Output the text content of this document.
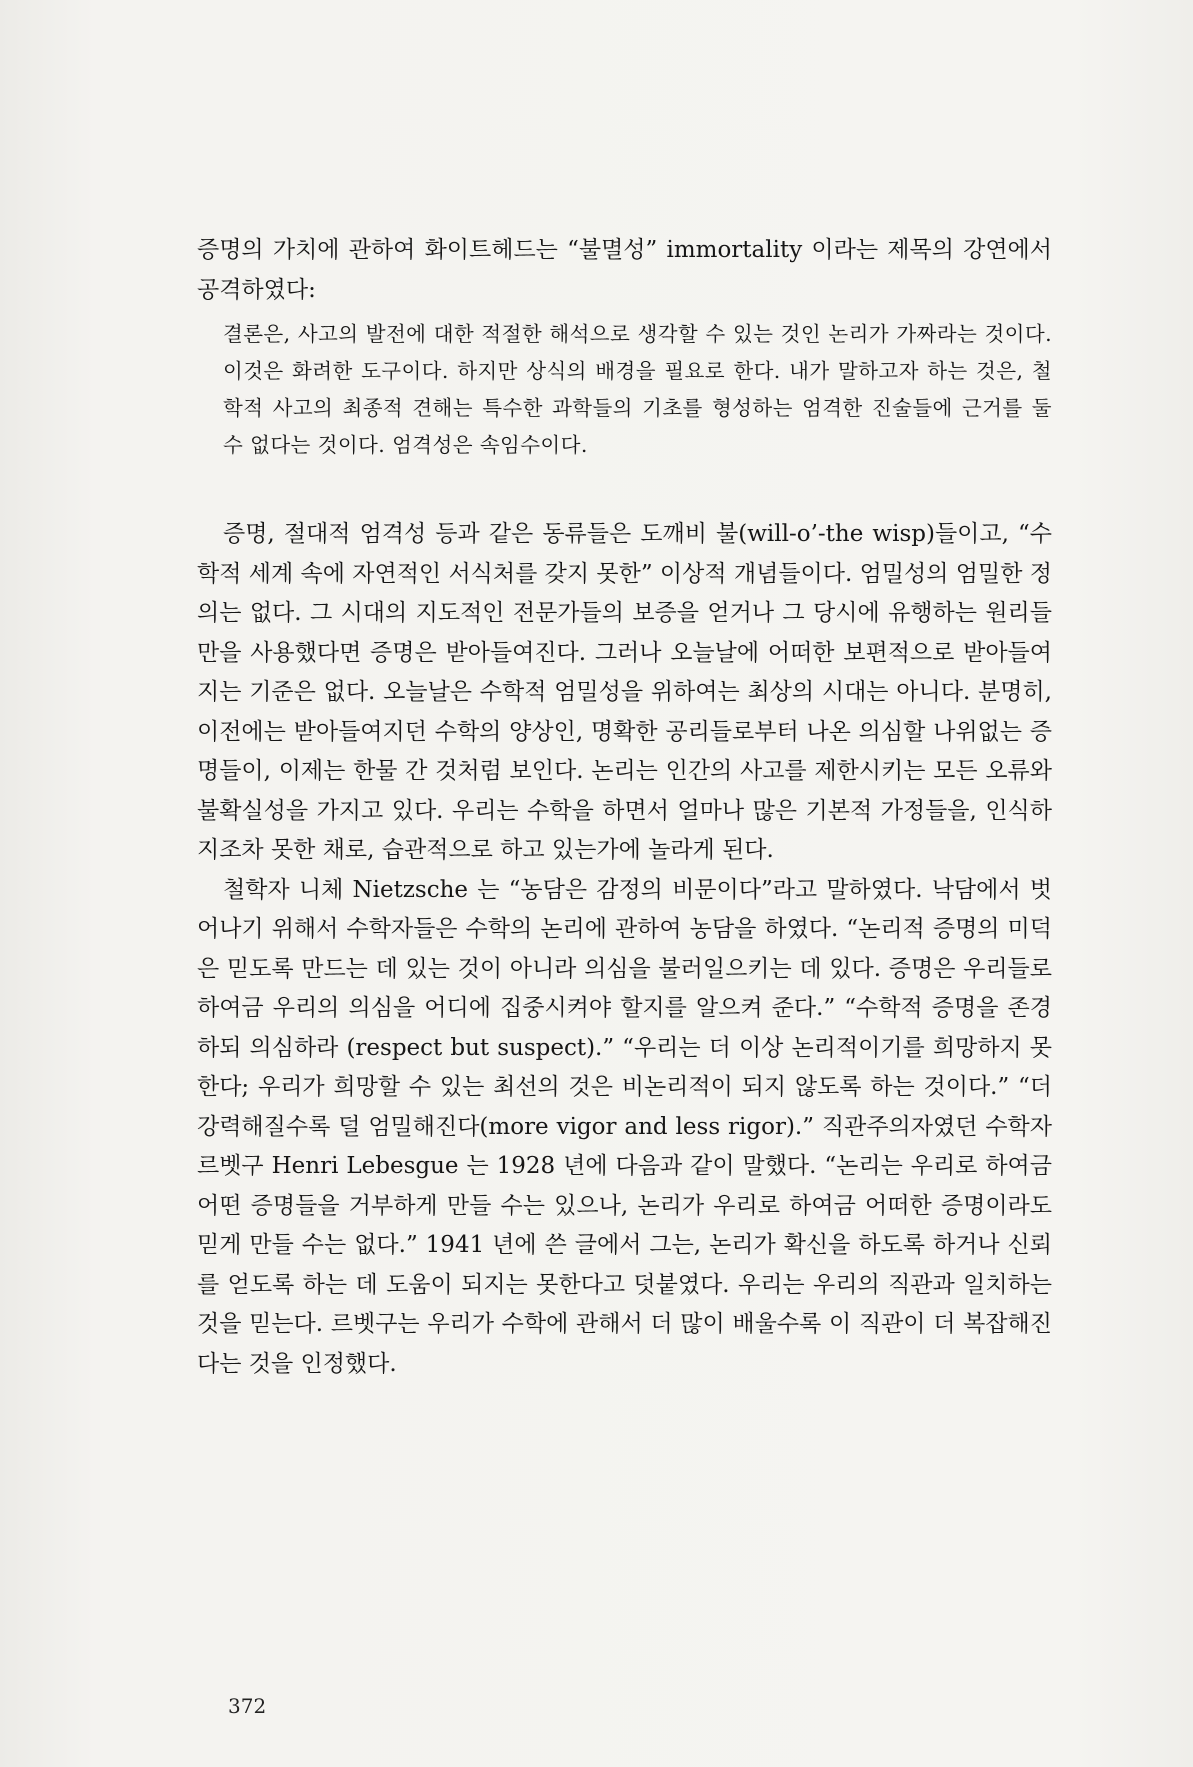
증명의 가치에 관하여 화이트헤드는 “불멸성” immortality 이라는 제목의 강연에서 공격하였다:

결론은, 사고의 발전에 대한 적절한 해석으로 생각할 수 있는 것인 논리가 가짜라는 것이다. 이것은 화려한 도구이다. 하지만 상식의 배경을 필요로 한다. 내가 말하고자 하는 것은, 철학적 사고의 최종적 견해는 특수한 과학들의 기초를 형성하는 엄격한 진술들에 근거를 둘 수 없다는 것이다. 엄격성은 속임수이다.

증명, 절대적 엄격성 등과 같은 동류들은 도깨비 불(will-o’-the wisp)들이고, “수학적 세계 속에 자연적인 서식처를 갖지 못한” 이상적 개념들이다. 엄밀성의 엄밀한 정의는 없다. 그 시대의 지도적인 전문가들의 보증을 얻거나 그 당시에 유행하는 원리들만을 사용했다면 증명은 받아들여진다. 그러나 오늘날에 어떠한 보편적으로 받아들여지는 기준은 없다. 오늘날은 수학적 엄밀성을 위하여는 최상의 시대는 아니다. 분명히, 이전에는 받아들여지던 수학의 양상인, 명확한 공리들로부터 나온 의심할 나위없는 증명들이, 이제는 한물 간 것처럼 보인다. 논리는 인간의 사고를 제한시키는 모든 오류와 불확실성을 가지고 있다. 우리는 수학을 하면서 얼마나 많은 기본적 가정들을, 인식하지조차 못한 채로, 습관적으로 하고 있는가에 놀라게 된다.

철학자 니체 Nietzsche 는 “농담은 감정의 비문이다”라고 말하였다. 낙담에서 벗어나기 위해서 수학자들은 수학의 논리에 관하여 농담을 하였다. “논리적 증명의 미덕은 믿도록 만드는 데 있는 것이 아니라 의심을 불러일으키는 데 있다. 증명은 우리들로 하여금 우리의 의심을 어디에 집중시켜야 할지를 알으켜 준다.” “수학적 증명을 존경하되 의심하라 (respect but suspect).” “우리는 더 이상 논리적이기를 희망하지 못한다; 우리가 희망할 수 있는 최선의 것은 비논리적이 되지 않도록 하는 것이다.” “더 강력해질수록 덜 엄밀해진다(more vigor and less rigor).” 직관주의자였던 수학자 르벳구 Henri Lebesgue 는 1928 년에 다음과 같이 말했다. “논리는 우리로 하여금 어떤 증명들을 거부하게 만들 수는 있으나, 논리가 우리로 하여금 어떠한 증명이라도 믿게 만들 수는 없다.” 1941 년에 쓴 글에서 그는, 논리가 확신을 하도록 하거나 신뢰를 얻도록 하는 데 도움이 되지는 못한다고 덧붙였다. 우리는 우리의 직관과 일치하는 것을 믿는다. 르벳구는 우리가 수학에 관해서 더 많이 배울수록 이 직관이 더 복잡해진다는 것을 인정했다.

372
